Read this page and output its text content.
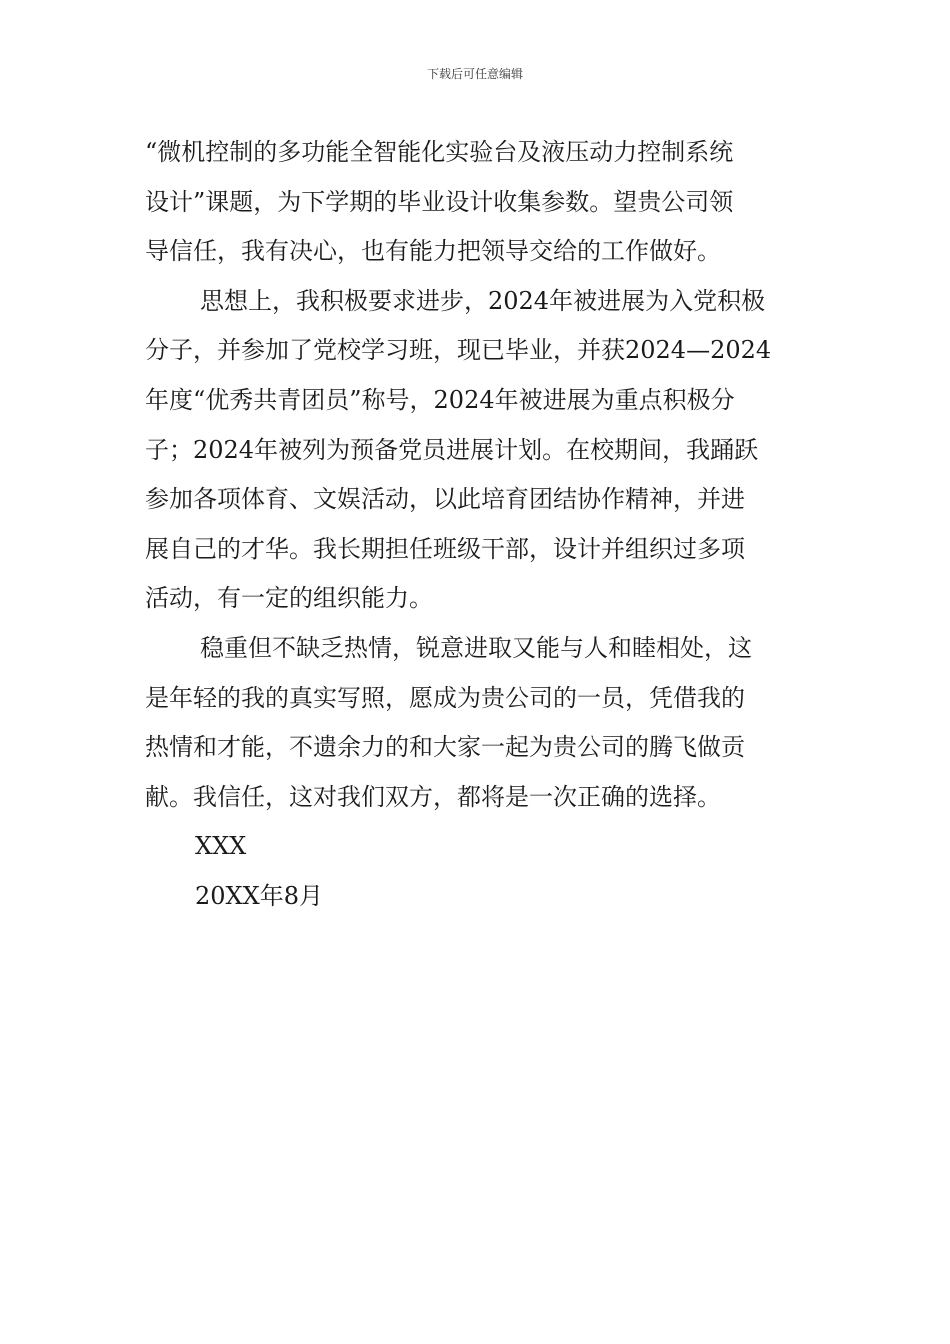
下载后可任意编辑
“微机控制的多功能全智能化实验台及液压动力控制系统
设计”课题，为下学期的毕业设计收集参数。望贵公司领
导信任，我有决心，也有能力把领导交给的工作做好。
思想上，我积极要求进步，2024年被进展为入党积极
分子，并参加了党校学习班，现已毕业，并获2024—2024
年度“优秀共青团员”称号，2024年被进展为重点积极分
子；2024年被列为预备党员进展计划。在校期间，我踊跃
参加各项体育、文娱活动，以此培育团结协作精神，并进
展自己的才华。我长期担任班级干部，设计并组织过多项
活动，有一定的组织能力。
稳重但不缺乏热情，锐意进取又能与人和睦相处，这
是年轻的我的真实写照，愿成为贵公司的一员，凭借我的
热情和才能，不遗余力的和大家一起为贵公司的腾飞做贡
献。我信任，这对我们双方，都将是一次正确的选择。
XXX
20XX年8月
